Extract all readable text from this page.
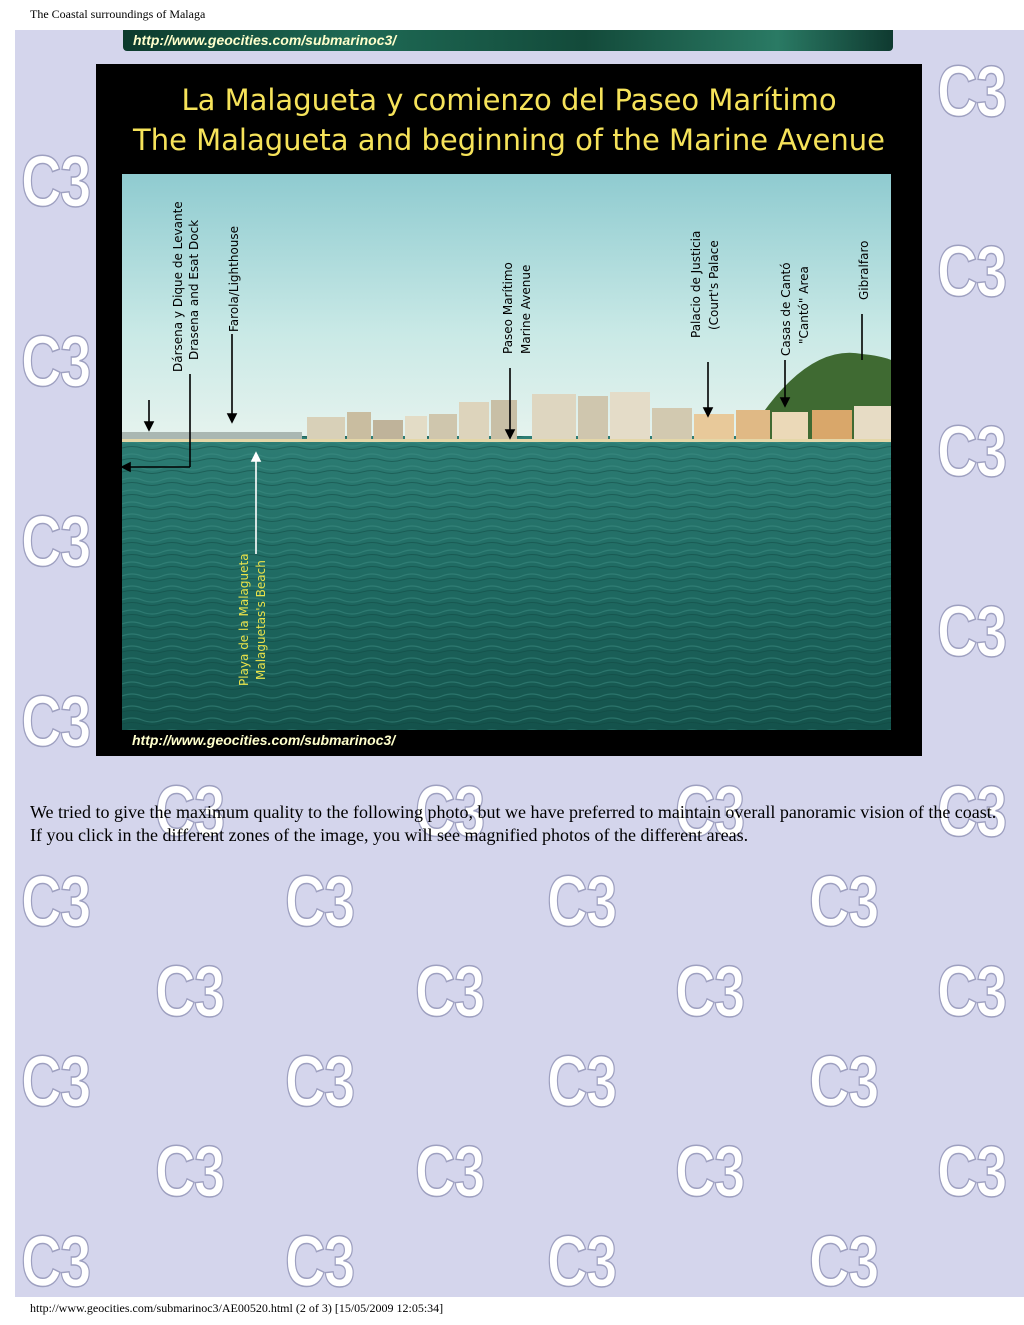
The Coastal surroundings of Malaga
C3
C3
C3
C3
C3
C3
C3
C3
C3	C3	C3	C3
C3	C3	C3	C3
C3	C3	C3	C3
C3	C3	C3	C3
C3	C3	C3	C3
C3	C3	C3	C3
http://www.geocities.com/submarinoc3/
La Malagueta y comienzo del Paseo Marítimo
The Malagueta and beginning of the Marine Avenue
Dársena y Dique de Levante Drasena and Esat Dock Farola/Lighthouse	Paseo Marítimo Marine Avenue	Palacio de Justicia (Court's Palace	Casas de Cantó "Cantó" Area	Gibralfaro
Playa de la Malagueta Malaguetas's Beach
http://www.geocities.com/submarinoc3/

We tried to give the maximum quality to the following photo, but we have preferred to maintain overall panoramic vision of the coast. If you click in the different zones of the image, you will see magnified photos of the different areas.

http://www.geocities.com/submarinoc3/AE00520.html (2 of 3) [15/05/2009 12:05:34]
